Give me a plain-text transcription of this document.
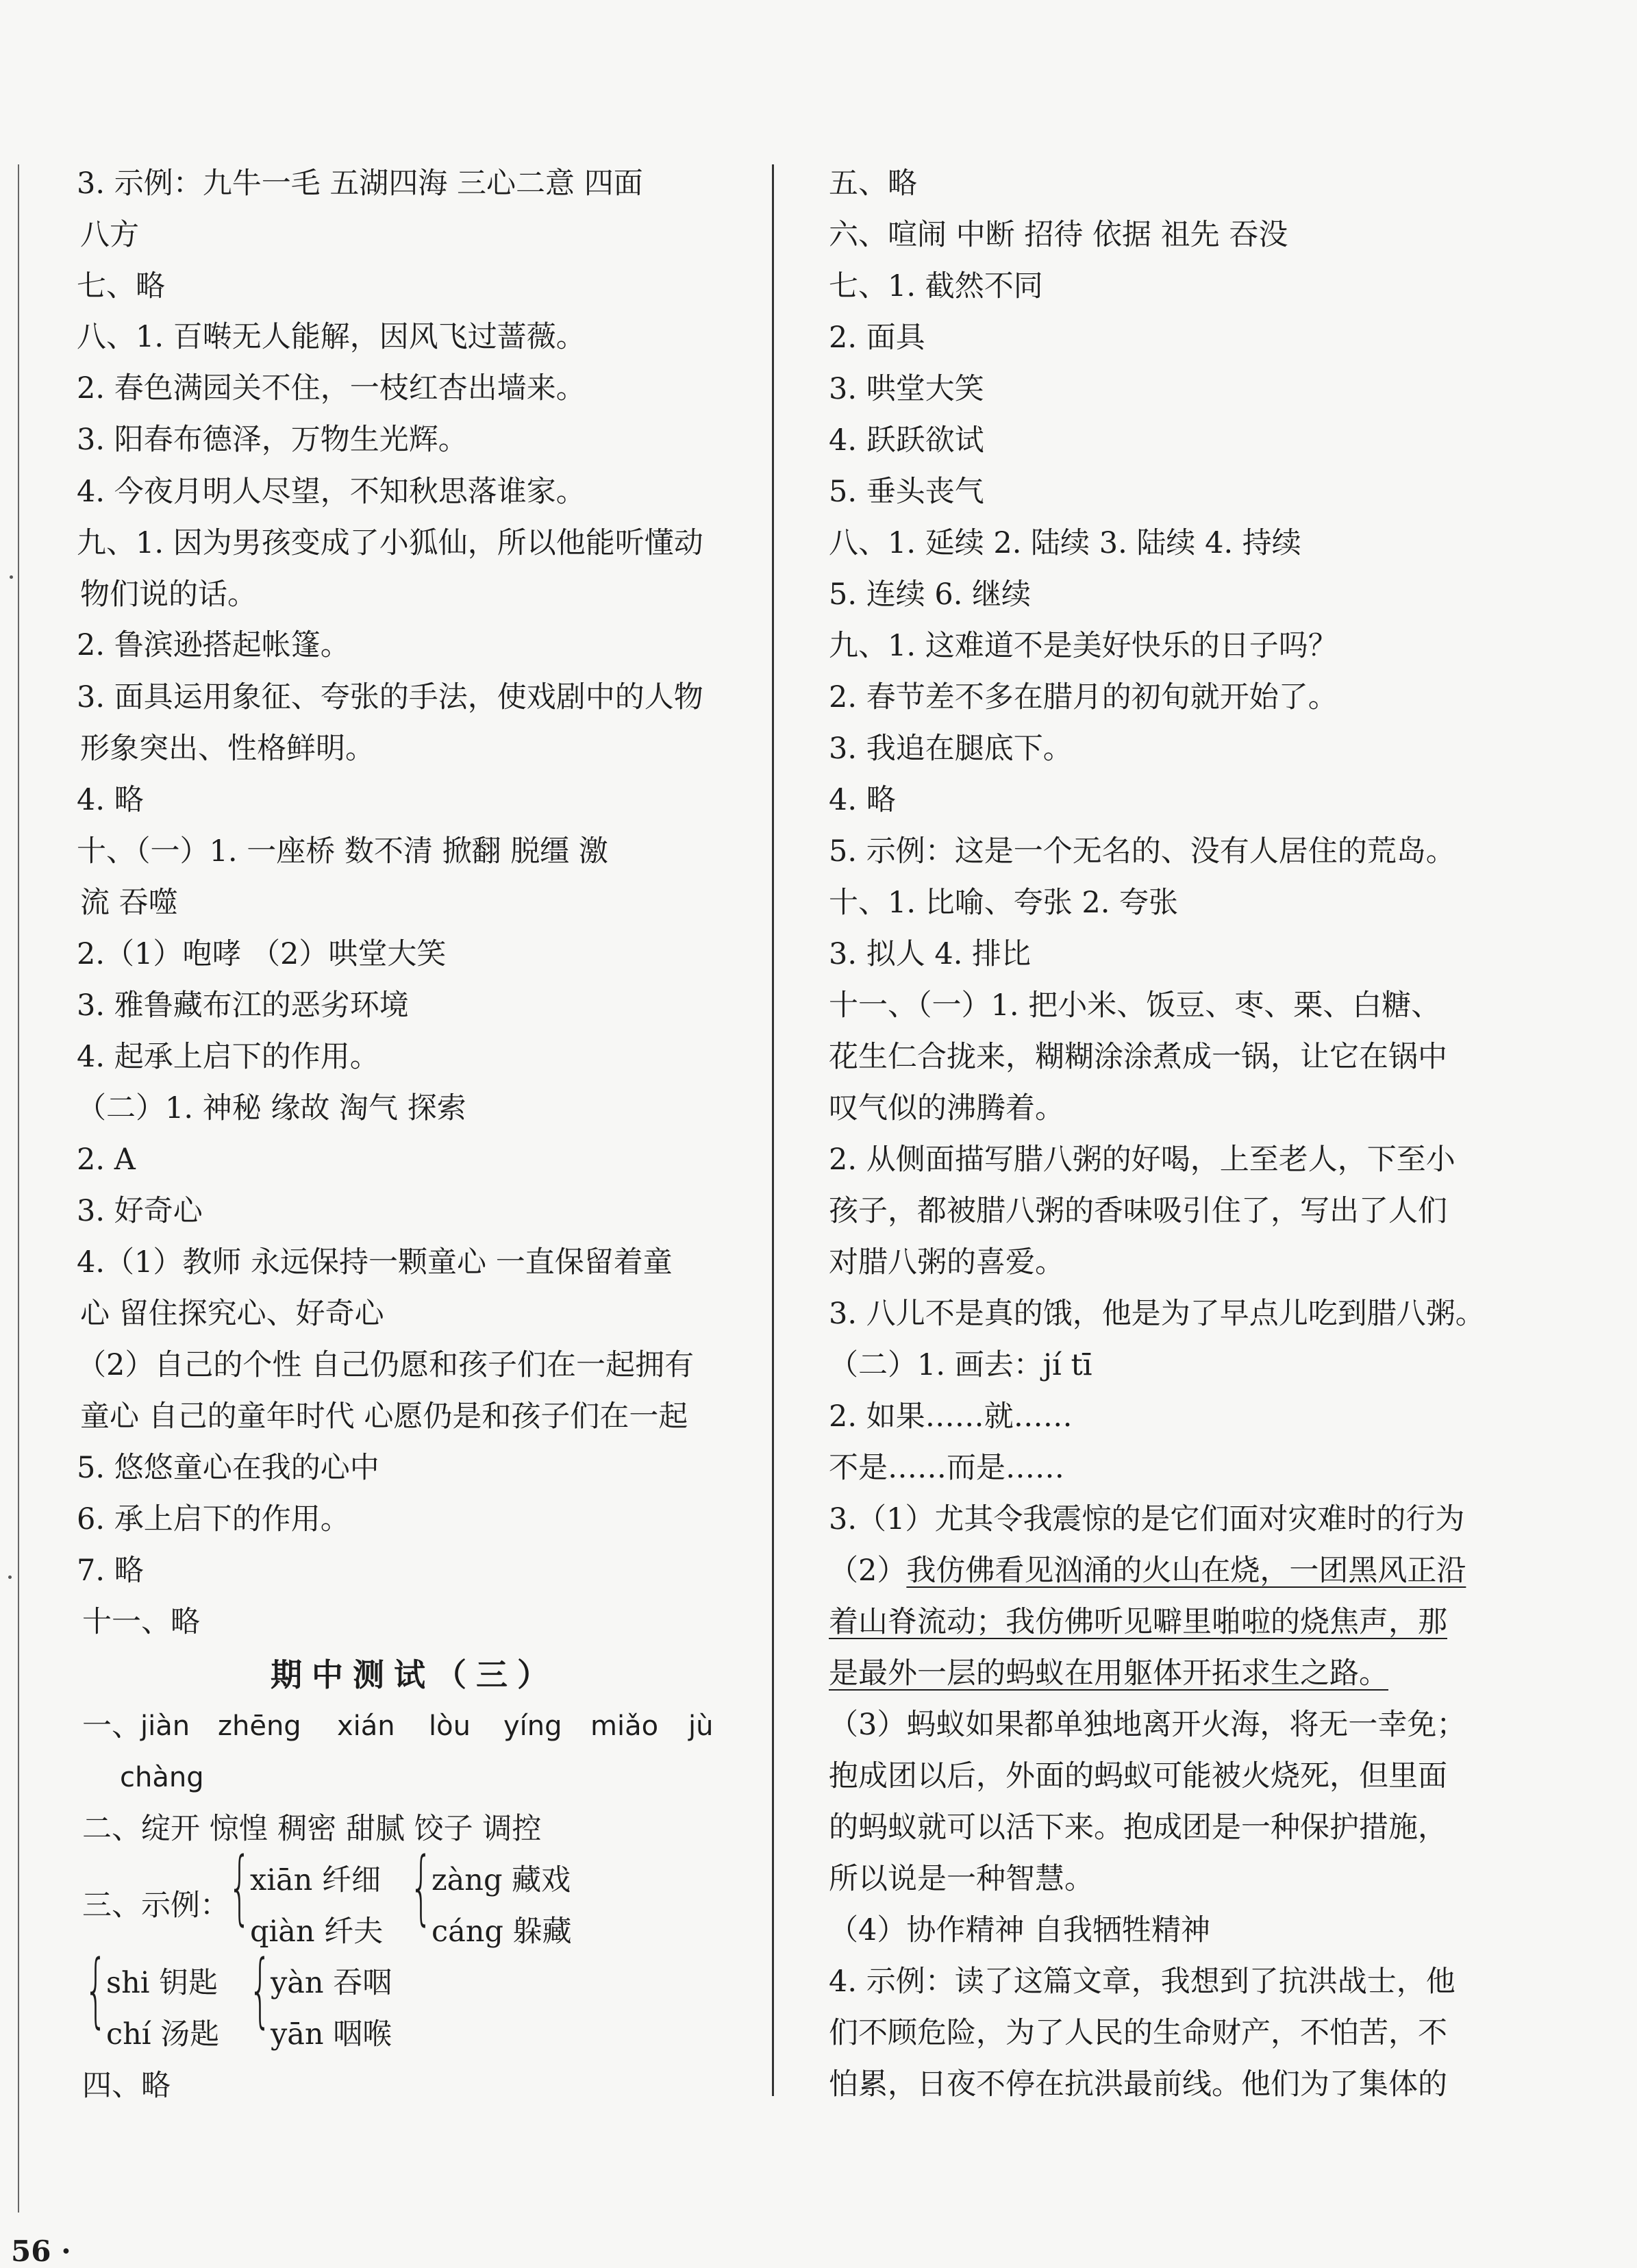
3. 示例：九牛一毛 五湖四海 三心二意 四面
八方
七、略
八、1. 百啭无人能解，因风飞过蔷薇。
2. 春色满园关不住，一枝红杏出墙来。
3. 阳春布德泽，万物生光辉。
4. 今夜月明人尽望，不知秋思落谁家。
九、1. 因为男孩变成了小狐仙，所以他能听懂动
物们说的话。
2. 鲁滨逊搭起帐篷。
3. 面具运用象征、夸张的手法，使戏剧中的人物
形象突出、性格鲜明。
4. 略
十、（一）1. 一座桥 数不清 掀翻 脱缰 激
流 吞噬
2.（1）咆哮 （2）哄堂大笑
3. 雅鲁藏布江的恶劣环境
4. 起承上启下的作用。
（二）1. 神秘 缘故 淘气 探索
2. A
3. 好奇心
4.（1）教师 永远保持一颗童心 一直保留着童
心 留住探究心、好奇心
（2）自己的个性 自己仍愿和孩子们在一起拥有
童心 自己的童年时代 心愿仍是和孩子们在一起
5. 悠悠童心在我的心中
6. 承上启下的作用。
7. 略
十一、略
期中测试（三）
一、 jiàn zhēng xián lòu yíng miǎo jù
chàng
二、绽开 惊惶 稠密 甜腻 饺子 调控
三、示例：
{
xiān 纤细
qiàn 纤夫 {
zàng 藏戏
cáng 躲藏
{
shi 钥匙
chí 汤匙 {
yàn 吞咽
yān 咽喉
四、略
五、略
六、喧闹 中断 招待 依据 祖先 吞没
七、1. 截然不同
2. 面具
3. 哄堂大笑
4. 跃跃欲试
5. 垂头丧气
八、1. 延续 2. 陆续 3. 陆续 4. 持续
5. 连续 6. 继续
九、1. 这难道不是美好快乐的日子吗？
2. 春节差不多在腊月的初旬就开始了。
3. 我追在腿底下。
4. 略
5. 示例：这是一个无名的、没有人居住的荒岛。
十、1. 比喻、夸张 2. 夸张
3. 拟人 4. 排比
十一、（一）1. 把小米、饭豆、枣、栗、白糖、
花生仁合拢来，糊糊涂涂煮成一锅，让它在锅中
叹气似的沸腾着。
2. 从侧面描写腊八粥的好喝，上至老人，下至小
孩子，都被腊八粥的香味吸引住了，写出了人们
对腊八粥的喜爱。
3. 八儿不是真的饿，他是为了早点儿吃到腊八粥。
（二）1. 画去：jí tī
2. 如果……就……
不是……而是……
3.（1）尤其令我震惊的是它们面对灾难时的行为
（2）我仿佛看见汹涌的火山在烧，一团黑风正沿
着山脊流动；我仿佛听见噼里啪啦的烧焦声，那
是最外一层的蚂蚁在用躯体开拓求生之路。
（3）蚂蚁如果都单独地离开火海，将无一幸免；
抱成团以后，外面的蚂蚁可能被火烧死，但里面
的蚂蚁就可以活下来。抱成团是一种保护措施，
所以说是一种智慧。
（4）协作精神 自我牺牲精神
4. 示例：读了这篇文章，我想到了抗洪战士，他
们不顾危险，为了人民的生命财产，不怕苦，不
怕累，日夜不停在抗洪最前线。他们为了集体的
56 ·
